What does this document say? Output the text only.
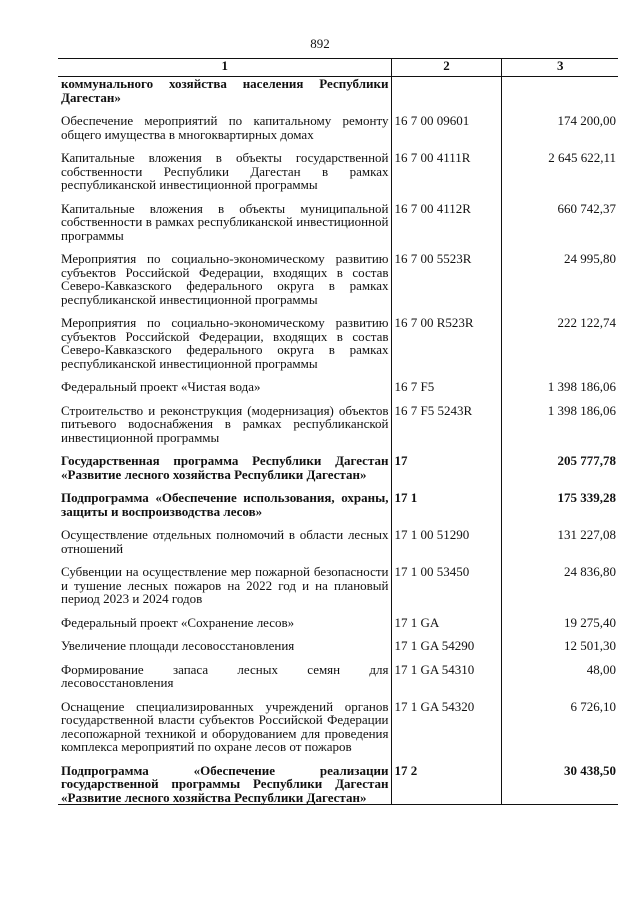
892
1	2	3
коммунального хозяйства населения Республики Дагестан»		

Обеспечение мероприятий по капитальному ремонту общего имущества в многоквартирных домах	16 7 00 09601	174 200,00

Капитальные вложения в объекты государственной собственности Республики Дагестан в рамках республиканской инвестиционной программы	16 7 00 4111R	2 645 622,11

Капитальные вложения в объекты муниципальной собственности в рамках республиканской инвестиционной программы	16 7 00 4112R	660 742,37

Мероприятия по социально-экономическому развитию субъектов Российской Федерации, входящих в состав Северо-Кавказского федерального округа в рамках республиканской инвестиционной программы	16 7 00 5523R	24 995,80

Мероприятия по социально-экономическому развитию субъектов Российской Федерации, входящих в состав Северо-Кавказского федерального округа в рамках республиканской инвестиционной программы	16 7 00 R523R	222 122,74

Федеральный проект «Чистая вода»	16 7 F5	1 398 186,06

Строительство и реконструкция (модернизация) объектов питьевого водоснабжения в рамках республиканской инвестиционной программы	16 7 F5 5243R	1 398 186,06

Государственная программа Республики Дагестан «Развитие лесного хозяйства Республики Дагестан»	17	205 777,78

Подпрограмма «Обеспечение использования, охраны, защиты и воспроизводства лесов»	17 1	175 339,28

Осуществление отдельных полномочий в области лесных отношений	17 1 00 51290	131 227,08

Субвенции на осуществление мер пожарной безопасности и тушение лесных пожаров на 2022 год и на плановый период 2023 и 2024 годов	17 1 00 53450	24 836,80

Федеральный проект «Сохранение лесов»	17 1 GA	19 275,40

Увеличение площади лесовосстановления	17 1 GA 54290	12 501,30

Формирование запаса лесных семян для лесовосстановления	17 1 GA 54310	48,00

Оснащение специализированных учреждений органов государственной власти субъектов Российской Федерации лесопожарной техникой и оборудованием для проведения комплекса мероприятий по охране лесов от пожаров	17 1 GA 54320	6 726,10

Подпрограмма «Обеспечение реализации государственной программы Республики Дагестан «Развитие лесного хозяйства Республики Дагестан»	17 2	30 438,50
